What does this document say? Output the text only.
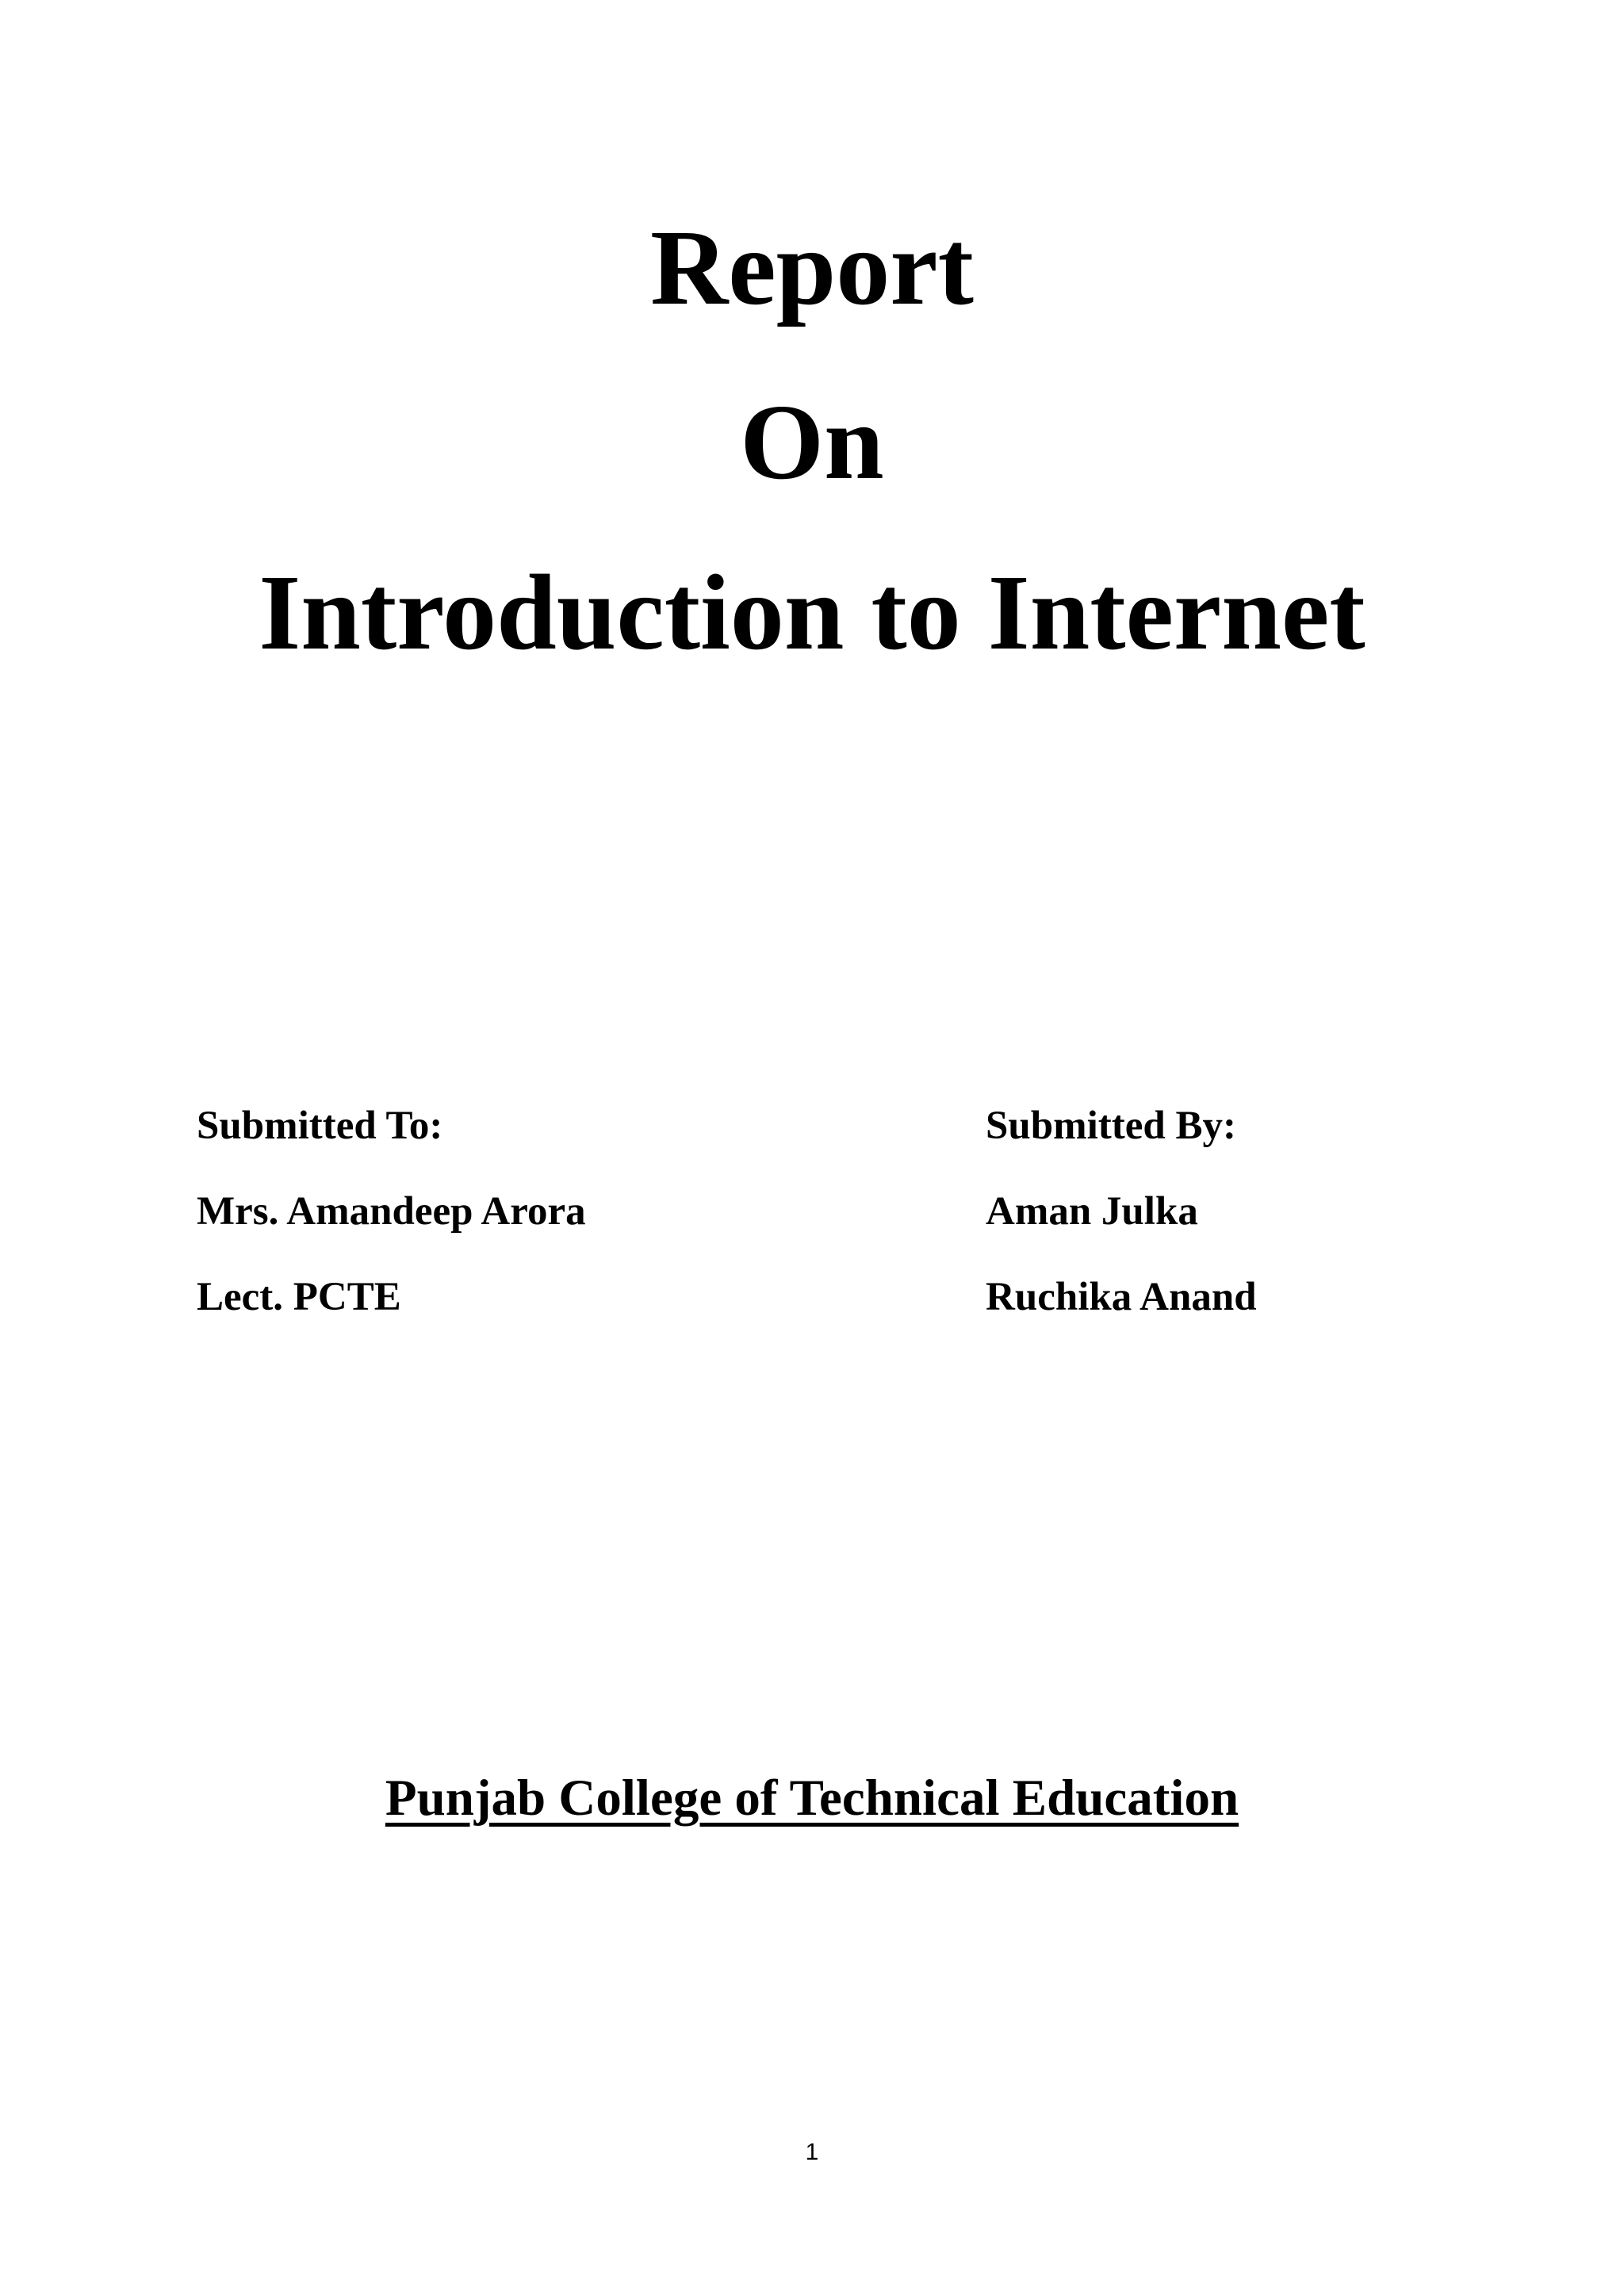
Report
On
Introduction to Internet
Submitted To:
Mrs. Amandeep Arora
Lect. PCTE
Submitted By:
Aman Julka
Ruchika Anand

Punjab College of Technical Education

1
